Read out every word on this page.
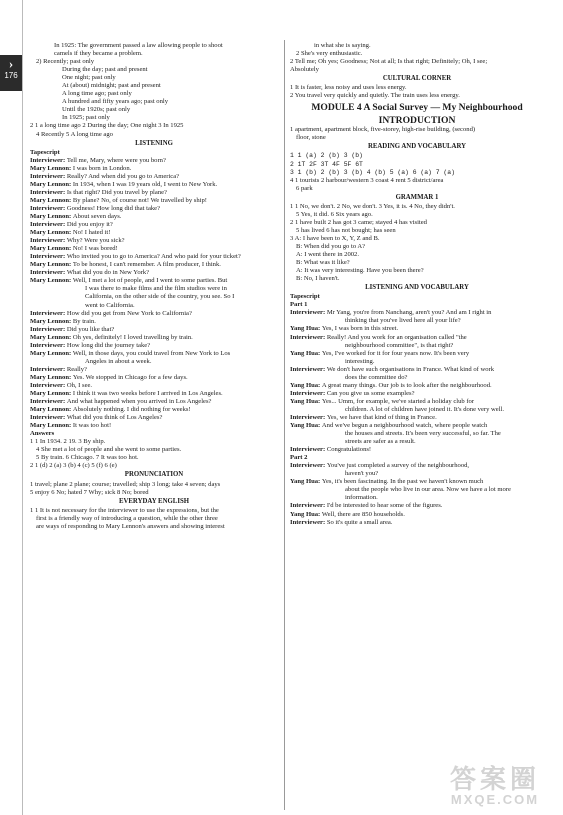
›
176
In 1925: The government passed a law allowing people to shoot
camels if they became a problem.
2) Recently; past only
During the day; past and present
One night; past only
At (about) midnight; past and present
A long time ago; past only
A hundred and fifty years ago; past only
Until the 1920s; past only
In 1925; past only
2 1 a long time ago 2 During the day; One night 3 In 1925
4 Recently 5 A long time ago
LISTENING
Tapescript
Interviewer: Tell me, Mary, where were you born?
Mary Lennon: I was born in London.
Interviewer: Really? And when did you go to America?
Mary Lennon: In 1934, when I was 19 years old, I went to New York.
Interviewer: Is that right? Did you travel by plane?
Mary Lennon: By plane? No, of course not! We travelled by ship!
Interviewer: Goodness! How long did that take?
Mary Lennon: About seven days.
Interviewer: Did you enjoy it?
Mary Lennon: No! I hated it!
Interviewer: Why? Were you sick?
Mary Lennon: No! I was bored!
Interviewer: Who invited you to go to America? And who paid for your ticket?
Mary Lennon: To be honest, I can't remember. A film producer, I think.
Interviewer: What did you do in New York?
Mary Lennon: Well, I met a lot of people, and I went to some parties. But
I was there to make films and the film studios were in
California, on the other side of the country, you see. So I
went to California.
Interviewer: How did you get from New York to California?
Mary Lennon: By train.
Interviewer: Did you like that?
Mary Lennon: Oh yes, definitely! I loved travelling by train.
Interviewer: How long did the journey take?
Mary Lennon: Well, in those days, you could travel from New York to Los
Angeles in about a week.
Interviewer: Really?
Mary Lennon: Yes. We stopped in Chicago for a few days.
Interviewer: Oh, I see.
Mary Lennon: I think it was two weeks before I arrived in Los Angeles.
Interviewer: And what happened when you arrived in Los Angeles?
Mary Lennon: Absolutely nothing. I did nothing for weeks!
Interviewer: What did you think of Los Angeles?
Mary Lennon: It was too hot!
Answers
1 1 In 1934. 2 19. 3 By ship.
4 She met a lot of people and she went to some parties.
5 By train. 6 Chicago. 7 It was too hot.
2 1 (d) 2 (a) 3 (b) 4 (c) 5 (f) 6 (e)
PRONUNCIATION
1 travel; plane 2 plane; course; travelled; ship 3 long; take 4 seven; days
5 enjoy 6 No; hated 7 Why; sick 8 No; bored
EVERYDAY ENGLISH
1 1 It is not necessary for the interviewer to use the expressions, but the
first is a friendly way of introducing a question, while the other three
are ways of responding to Mary Lennon's answers and showing interest
in what she is saying.
2 She's very enthusiastic.
2 Tell me; Oh yes; Goodness; Not at all; Is that right; Definitely; Oh, I see;
Absolutely
CULTURAL CORNER
1 It is faster, less noisy and uses less energy.
2 You travel very quickly and quietly. The train uses less energy.
MODULE 4 A Social Survey — My Neighbourhood
INTRODUCTION
1 apartment, apartment block, five-storey, high-rise building, (second)
floor, stone
READING AND VOCABULARY
1 1 (a) 2 (b) 3 (b)
2 1T 2F 3T 4F 5F 6T
3 1 (b) 2 (b) 3 (b) 4 (b) 5 (a) 6 (a) 7 (a)
4 1 tourists 2 harbour/western 3 coast 4 rent 5 district/area
6 park
GRAMMAR 1
1 1 No, we don't. 2 No, we don't. 3 Yes, it is. 4 No, they didn't.
5 Yes, it did. 6 Six years ago.
2 1 have built 2 has got 3 came; stayed 4 has visited
5 has lived 6 has not bought; has seen
3 A: I have been to X, Y, Z and B.
B: When did you go to A?
A: I went there in 2002.
B: What was it like?
A: It was very interesting. Have you been there?
B: No, I haven't.
LISTENING AND VOCABULARY
Tapescript
Part 1
Interviewer: Mr Yang, you're from Nanchang, aren't you? And am I right in
thinking that you've lived here all your life?
Yang Hua: Yes, I was born in this street.
Interviewer: Really! And you work for an organisation called "the
neighbourhood committee", is that right?
Yang Hua: Yes, I've worked for it for four years now. It's been very
interesting.
Interviewer: We don't have such organisations in France. What kind of work
does the committee do?
Yang Hua: A great many things. Our job is to look after the neighbourhood.
Interviewer: Can you give us some examples?
Yang Hua: Yes... Umm, for example, we've started a holiday club for
children. A lot of children have joined it. It's done very well.
Interviewer: Yes, we have that kind of thing in France.
Yang Hua: And we've begun a neighbourhood watch, where people watch
the houses and streets. It's been very successful, so far. The
streets are safer as a result.
Interviewer: Congratulations!
Part 2
Interviewer: You've just completed a survey of the neighbourhood,
haven't you?
Yang Hua: Yes, it's been fascinating. In the past we haven't known much
about the people who live in our area. Now we have a lot more
information.
Interviewer: I'd be interested to hear some of the figures.
Yang Hua: Well, there are 850 households.
Interviewer: So it's quite a small area.
答案圈
MXQE.COM
